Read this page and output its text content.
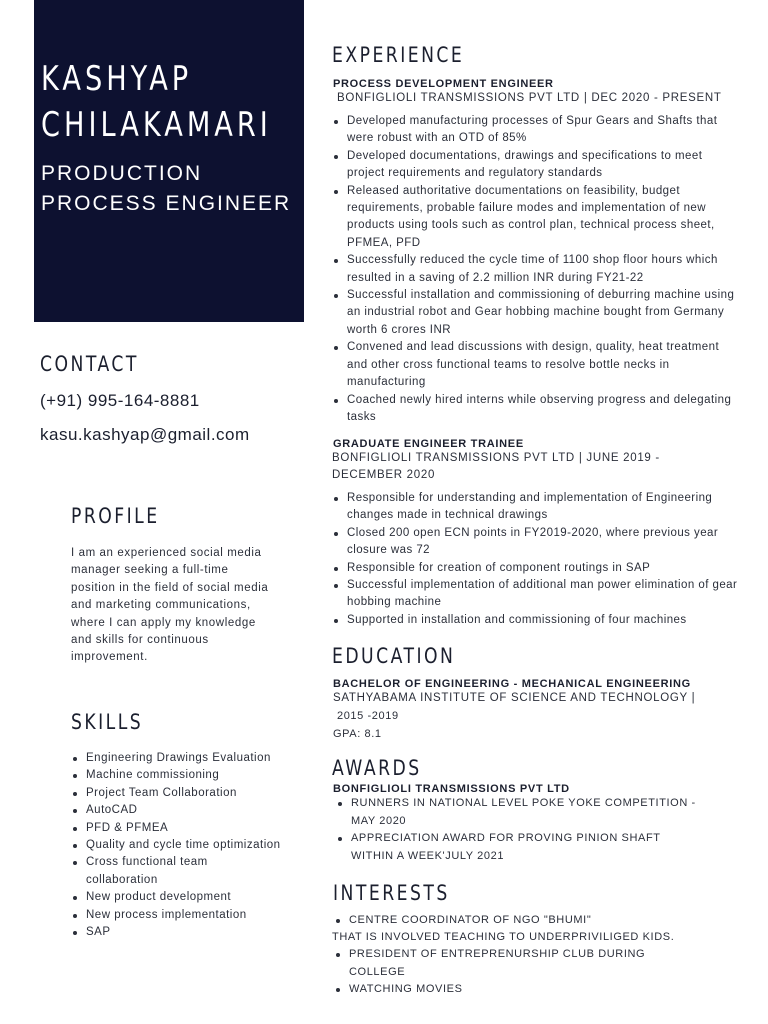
KASHYAP
CHILAKAMARI
PRODUCTION
PROCESS ENGINEER
CONTACT
(+91) 995-164-8881
kasu.kashyap@gmail.com
PROFILE
I am an experienced social media manager seeking a full-time position in the field of social media and marketing communications, where I can apply my knowledge and skills for continuous improvement.
SKILLS
Engineering Drawings Evaluation
Machine commissioning
Project Team Collaboration
AutoCAD
PFD & PFMEA
Quality and cycle time optimization
Cross functional team collaboration
New product development
New process implementation
SAP
EXPERIENCE
PROCESS DEVELOPMENT ENGINEER
BONFIGLIOLI TRANSMISSIONS PVT LTD | DEC 2020 - PRESENT
Developed manufacturing processes of Spur Gears and Shafts that were robust with an OTD of 85%
Developed documentations, drawings and specifications to meet project requirements and regulatory standards
Released authoritative documentations on feasibility, budget requirements, probable failure modes and implementation of new products using tools such as control plan, technical process sheet, PFMEA, PFD
Successfully reduced the cycle time of 1100 shop floor hours which resulted in a saving of 2.2 million INR during FY21-22
Successful installation and commissioning of deburring machine using an industrial robot and Gear hobbing machine bought from Germany worth 6 crores INR
Convened and lead discussions with design, quality, heat treatment and other cross functional teams to resolve bottle necks in manufacturing
Coached newly hired interns while observing progress and delegating tasks
GRADUATE ENGINEER TRAINEE
BONFIGLIOLI TRANSMISSIONS PVT LTD | JUNE 2019 - DECEMBER 2020
Responsible for understanding and implementation of Engineering changes made in technical drawings
Closed 200 open ECN points in FY2019-2020, where previous year closure was 72
Responsible for creation of component routings in SAP
Successful implementation of additional man power elimination of gear hobbing machine
Supported in installation and commissioning of four machines
EDUCATION
BACHELOR OF ENGINEERING - MECHANICAL ENGINEERING
SATHYABAMA INSTITUTE OF SCIENCE AND TECHNOLOGY |
2015 -2019
GPA: 8.1
AWARDS
BONFIGLIOLI TRANSMISSIONS PVT LTD
RUNNERS IN NATIONAL LEVEL POKE YOKE COMPETITION - MAY 2020
APPRECIATION AWARD FOR PROVING PINION SHAFT WITHIN A WEEK'JULY 2021
INTERESTS
CENTRE COORDINATOR OF NGO "BHUMI"
THAT IS INVOLVED TEACHING TO UNDERPRIVILIGED KIDS.
PRESIDENT OF ENTREPRENURSHIP CLUB DURING COLLEGE
WATCHING MOVIES
